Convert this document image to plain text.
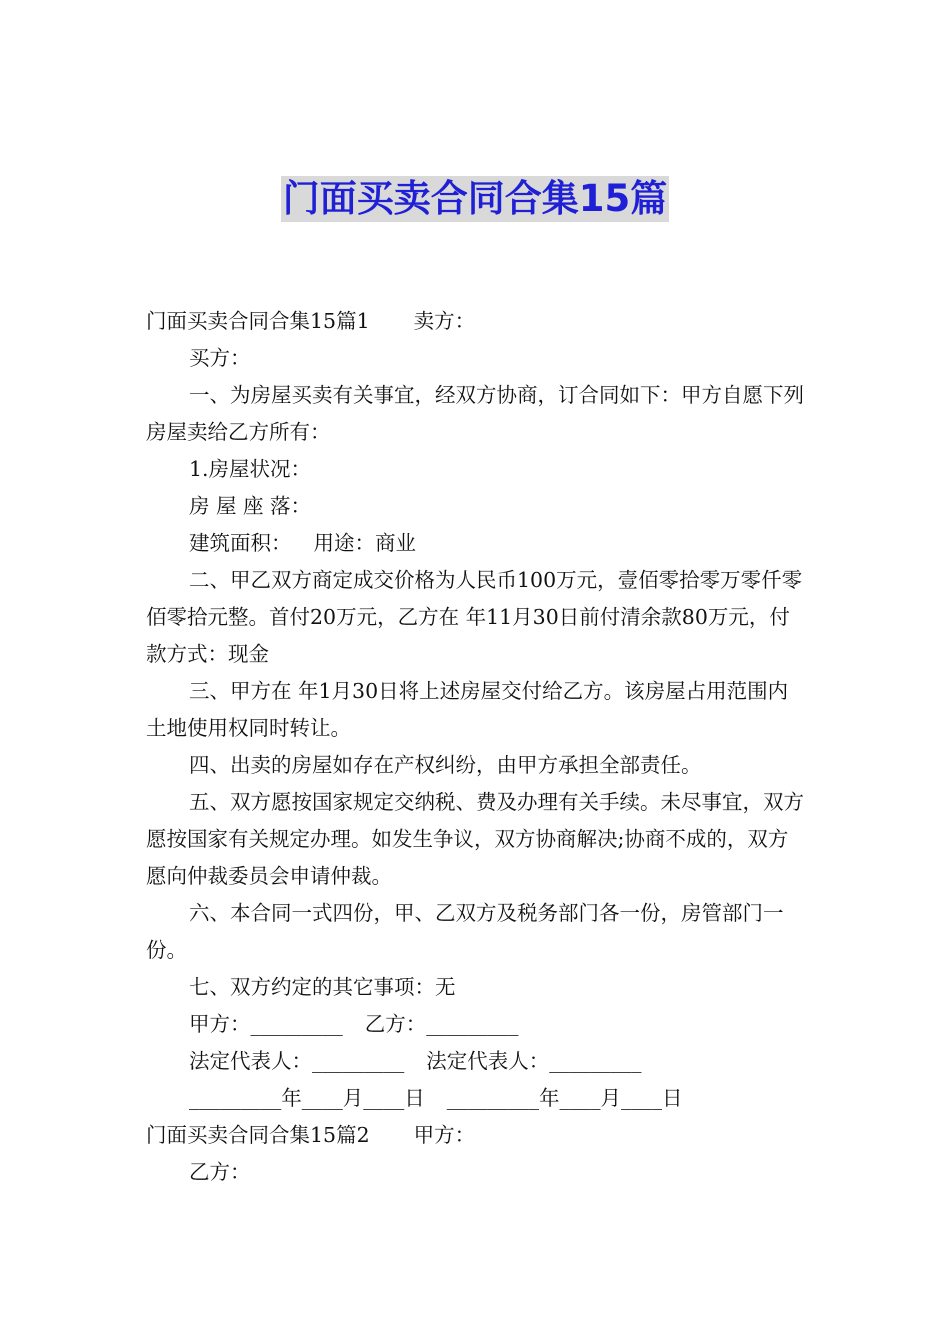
门面买卖合同合集15篇

门面买卖合同合集15篇1 卖方：

买方：

一、为房屋买卖有关事宜，经双方协商，订合同如下：甲方自愿下列房屋卖给乙方所有：

1.房屋状况：

房 屋 座 落：

建筑面积： 用途：商业

二、甲乙双方商定成交价格为人民币100万元，壹佰零拾零万零仟零佰零拾元整。首付20万元，乙方在 年11月30日前付清余款80万元，付款方式：现金

三、甲方在 年1月30日将上述房屋交付给乙方。该房屋占用范围内土地使用权同时转让。

四、出卖的房屋如存在产权纠纷，由甲方承担全部责任。

五、双方愿按国家规定交纳税、费及办理有关手续。未尽事宜，双方愿按国家有关规定办理。如发生争议，双方协商解决;协商不成的，双方愿向仲裁委员会申请仲裁。

六、本合同一式四份，甲、乙双方及税务部门各一份，房管部门一份。

七、双方约定的其它事项：无

甲方：_________ 乙方：_________

法定代表人：_________ 法定代表人：_________

_________年____月____日 _________年____月____日

门面买卖合同合集15篇2 甲方：

乙方：
